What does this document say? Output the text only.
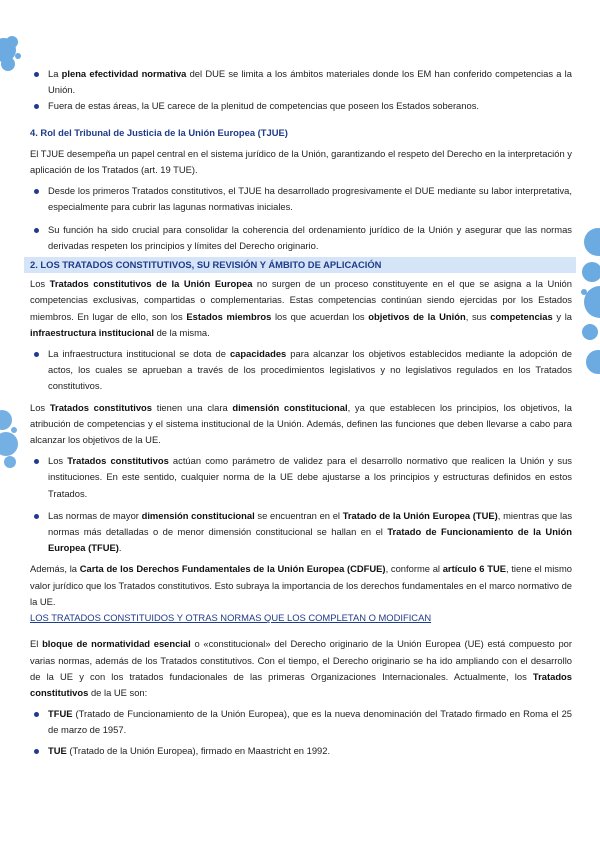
La plena efectividad normativa del DUE se limita a los ámbitos materiales donde los EM han conferido competencias a la Unión.
Fuera de estas áreas, la UE carece de la plenitud de competencias que poseen los Estados soberanos.
4. Rol del Tribunal de Justicia de la Unión Europea (TJUE)

El TJUE desempeña un papel central en el sistema jurídico de la Unión, garantizando el respeto del Derecho en la interpretación y aplicación de los Tratados (art. 19 TUE).

Desde los primeros Tratados constitutivos, el TJUE ha desarrollado progresivamente el DUE mediante su labor interpretativa, especialmente para cubrir las lagunas normativas iniciales.
Su función ha sido crucial para consolidar la coherencia del ordenamiento jurídico de la Unión y asegurar que las normas derivadas respeten los principios y límites del Derecho originario.
2. LOS TRATADOS CONSTITUTIVOS, SU REVISIÓN Y ÁMBITO DE APLICACIÓN

Los Tratados constitutivos de la Unión Europea no surgen de un proceso constituyente en el que se asigna a la Unión competencias exclusivas, compartidas o complementarias. Estas competencias continúan siendo ejercidas por los Estados miembros. En lugar de ello, son los Estados miembros los que acuerdan los objetivos de la Unión, sus competencias y la infraestructura institucional de la misma.

La infraestructura institucional se dota de capacidades para alcanzar los objetivos establecidos mediante la adopción de actos, los cuales se aprueban a través de los procedimientos legislativos y no legislativos regulados en los Tratados constitutivos.

Los Tratados constitutivos tienen una clara dimensión constitucional, ya que establecen los principios, los objetivos, la atribución de competencias y el sistema institucional de la Unión. Además, definen las funciones que deben llevarse a cabo para alcanzar los objetivos de la UE.

Los Tratados constitutivos actúan como parámetro de validez para el desarrollo normativo que realicen la Unión y sus instituciones. En este sentido, cualquier norma de la UE debe ajustarse a los principios y estructuras definidos en estos Tratados.
Las normas de mayor dimensión constitucional se encuentran en el Tratado de la Unión Europea (TUE), mientras que las normas más detalladas o de menor dimensión constitucional se hallan en el Tratado de Funcionamiento de la Unión Europea (TFUE).

Además, la Carta de los Derechos Fundamentales de la Unión Europea (CDFUE), conforme al artículo 6 TUE, tiene el mismo valor jurídico que los Tratados constitutivos. Esto subraya la importancia de los derechos fundamentales en el marco normativo de la UE.

LOS TRATADOS CONSTITUIDOS Y OTRAS NORMAS QUE LOS COMPLETAN O MODIFICAN

El bloque de normatividad esencial o «constitucional» del Derecho originario de la Unión Europea (UE) está compuesto por varias normas, además de los Tratados constitutivos. Con el tiempo, el Derecho originario se ha ido ampliando con el desarrollo de la UE y con los tratados fundacionales de las primeras Organizaciones Internacionales. Actualmente, los Tratados constitutivos de la UE son:

TFUE (Tratado de Funcionamiento de la Unión Europea), que es la nueva denominación del Tratado firmado en Roma el 25 de marzo de 1957.
TUE (Tratado de la Unión Europea), firmado en Maastricht en 1992.
